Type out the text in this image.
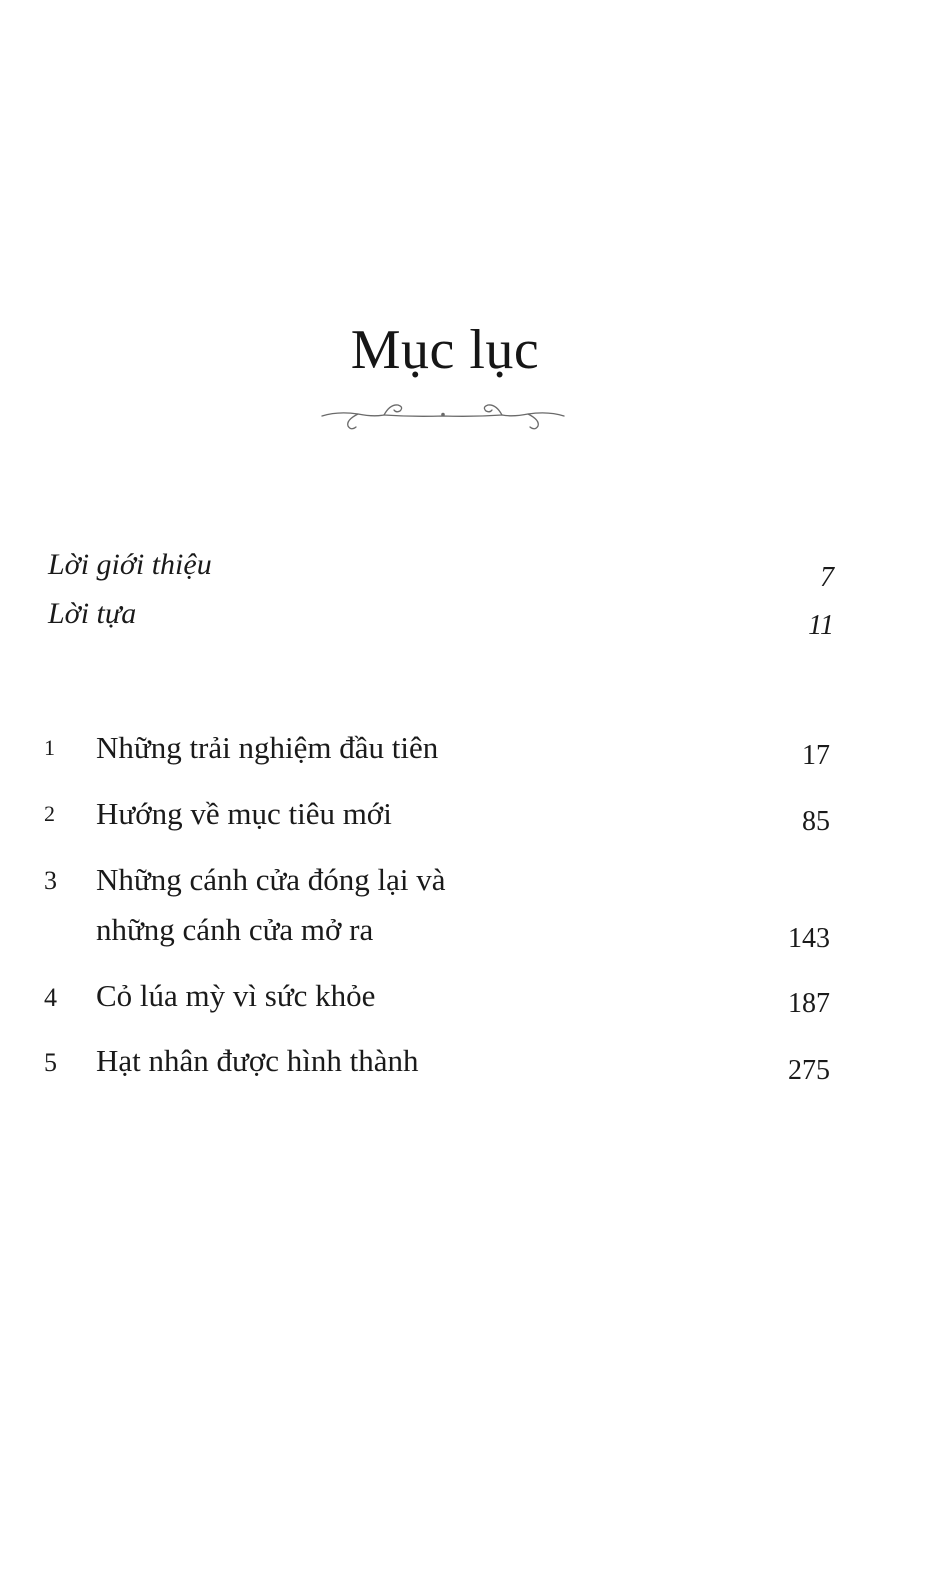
Mục lục
Lời giới thiệu	7
Lời tựa	11
1	Những trải nghiệm đầu tiên	17
2	Hướng về mục tiêu mới	85
3	Những cánh cửa đóng lại và
những cánh cửa mở ra	143
4	Cỏ lúa mỳ vì sức khỏe	187
5	Hạt nhân được hình thành	275
